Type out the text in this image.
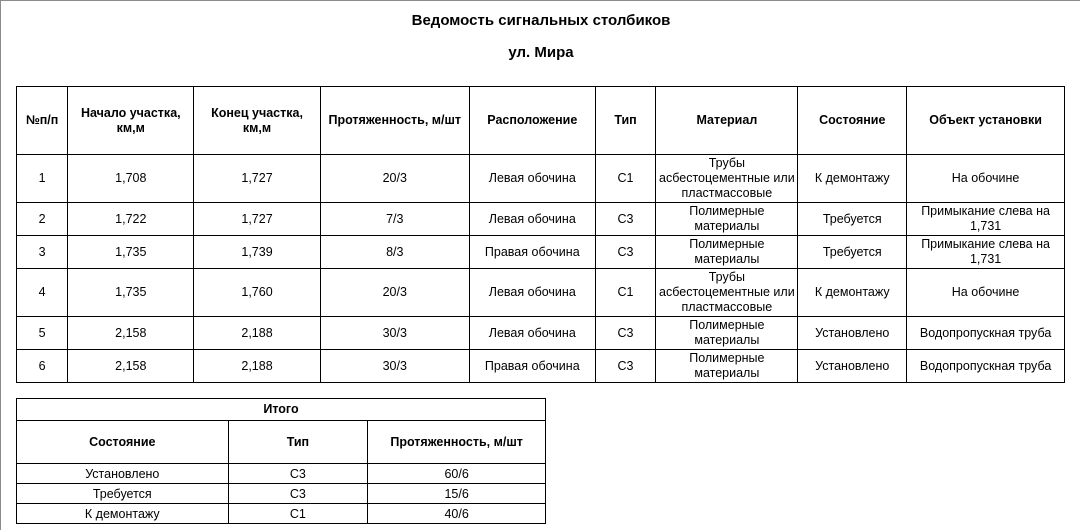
Ведомость сигнальных столбиков
ул. Мира
№п/п	Начало участка, км,м	Конец участка, км,м	Протяженность, м/шт	Расположение	Тип	Материал	Состояние	Объект установки
1	1,708	1,727	20/3	Левая обочина	С1	Трубы асбестоцементные или пластмассовые	К демонтажу	На обочине
2	1,722	1,727	7/3	Левая обочина	С3	Полимерные материалы	Требуется	Примыкание слева на 1,731
3	1,735	1,739	8/3	Правая обочина	С3	Полимерные материалы	Требуется	Примыкание слева на 1,731
4	1,735	1,760	20/3	Левая обочина	С1	Трубы асбестоцементные или пластмассовые	К демонтажу	На обочине
5	2,158	2,188	30/3	Левая обочина	С3	Полимерные материалы	Установлено	Водопропускная труба
6	2,158	2,188	30/3	Правая обочина	С3	Полимерные материалы	Установлено	Водопропускная труба
Итого		
Состояние	Тип	Протяженность, м/шт
Установлено	С3	60/6
Требуется	С3	15/6
К демонтажу	С1	40/6
